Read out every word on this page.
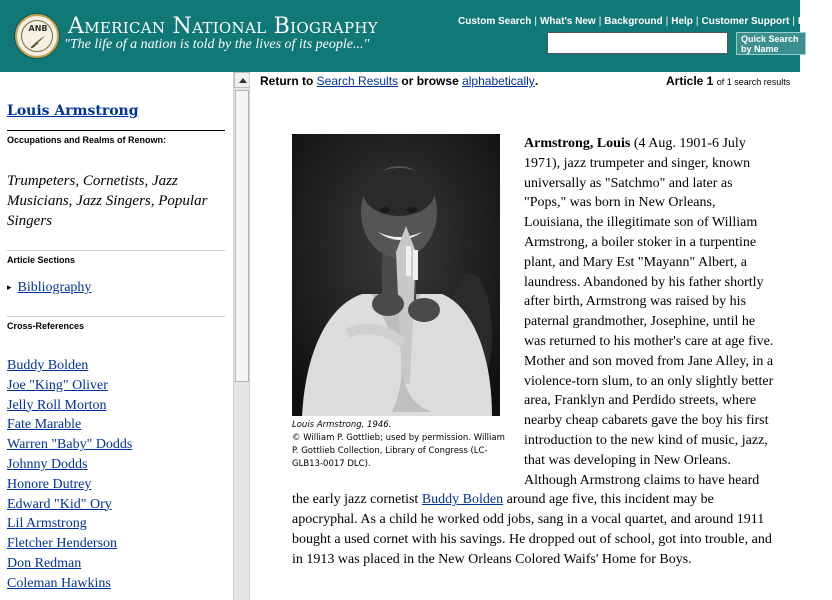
ANB American National Biography
"The life of a nation is told by the lives of its people..."
Custom Search | What's New | Background | Help | Customer Support | Logout
Quick Search
by Name
Louis Armstrong
Occupations and Realms of Renown:
Trumpeters, Cornetists, Jazz Musicians, Jazz Singers, Popular Singers
Article Sections
▸ Bibliography
Cross-References
Buddy Bolden
Joe "King" Oliver
Jelly Roll Morton
Fate Marable
Warren "Baby" Dodds
Johnny Dodds
Honore Dutrey
Edward "Kid" Ory
Lil Armstrong
Fletcher Henderson
Don Redman
Coleman Hawkins
Return to Search Results or browse alphabetically.	Article 1 of 1 search results
Louis Armstrong, 1946.
© William P. Gottlieb; used by permission. William P. Gottlieb Collection, Library of Congress (LC-GLB13-0017 DLC).
Armstrong, Louis (4 Aug. 1901-6 July 1971), jazz trumpeter and singer, known universally as "Satchmo" and later as "Pops," was born in New Orleans, Louisiana, the illegitimate son of William Armstrong, a boiler stoker in a turpentine plant, and Mary Est "Mayann" Albert, a laundress. Abandoned by his father shortly after birth, Armstrong was raised by his paternal grandmother, Josephine, until he was returned to his mother's care at age five. Mother and son moved from Jane Alley, in a violence-torn slum, to an only slightly better area, Franklyn and Perdido streets, where nearby cheap cabarets gave the boy his first introduction to the new kind of music, jazz, that was developing in New Orleans. Although Armstrong claims to have heard the early jazz cornetist Buddy Bolden around age five, this incident may be apocryphal. As a child he worked odd jobs, sang in a vocal quartet, and around 1911 bought a used cornet with his savings. He dropped out of school, got into trouble, and in 1913 was placed in the New Orleans Colored Waifs' Home for Boys.
